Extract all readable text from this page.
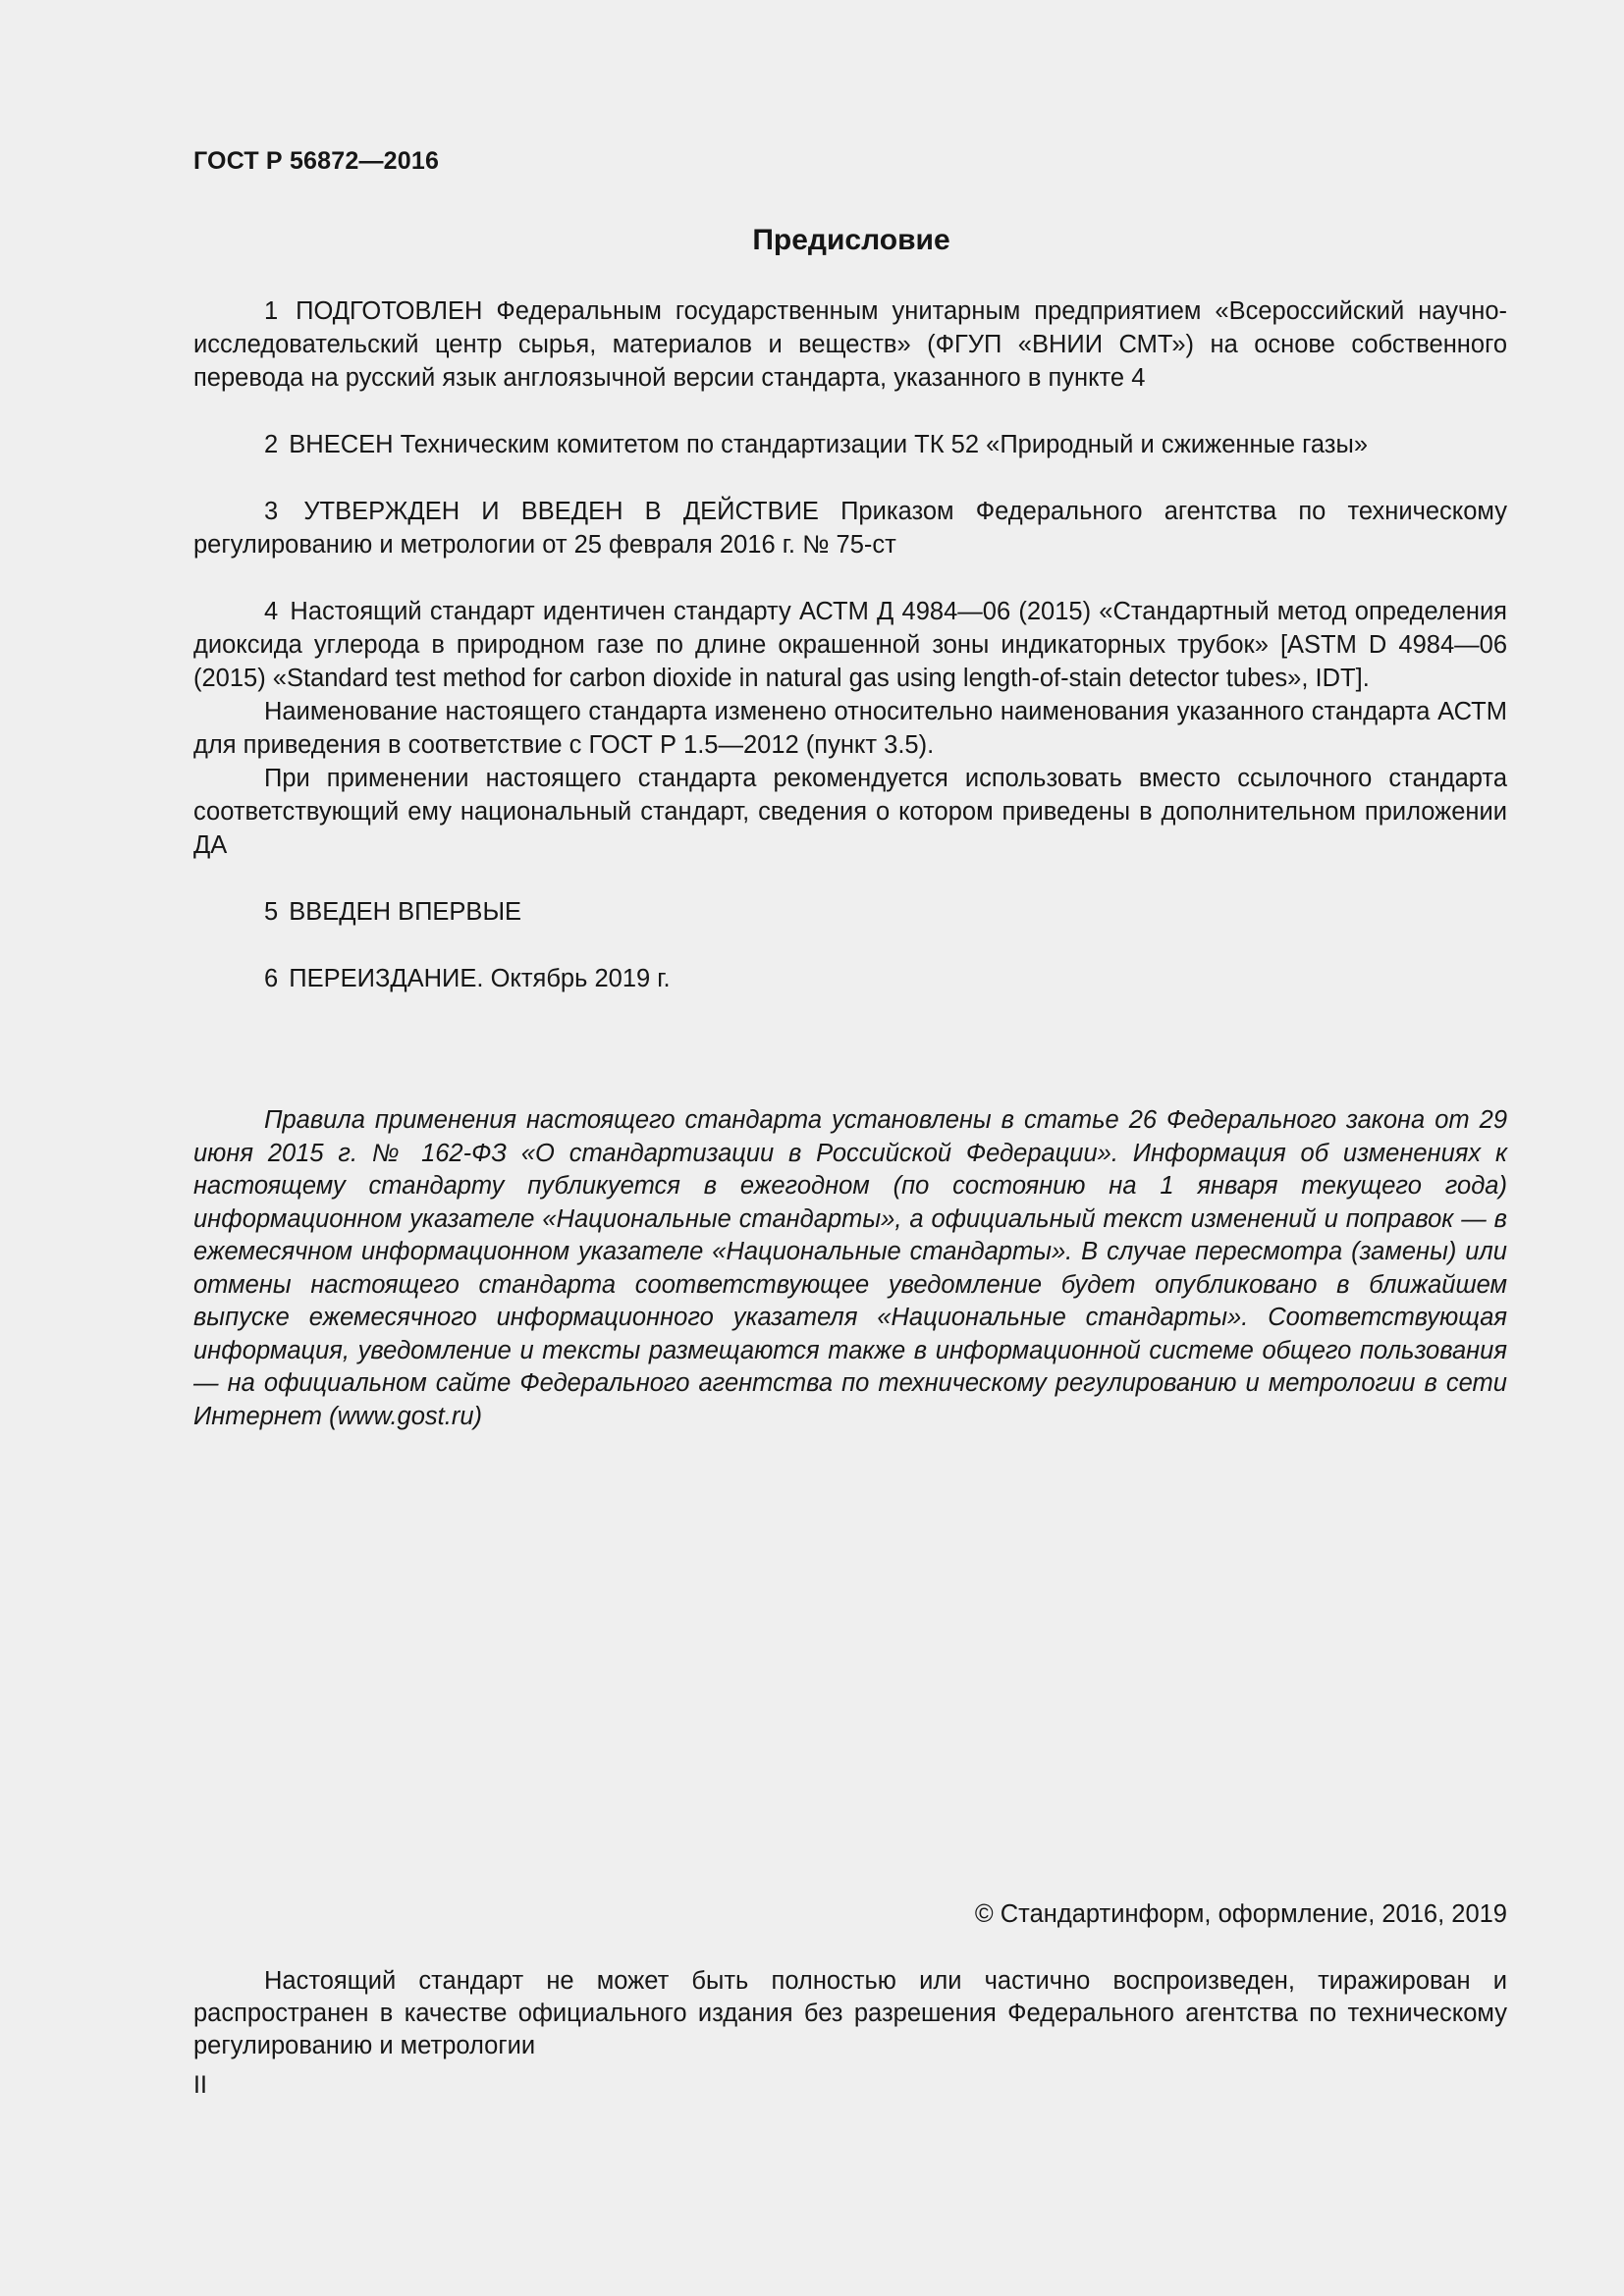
ГОСТ Р 56872—2016
Предисловие

1 ПОДГОТОВЛЕН Федеральным государственным унитарным предприятием «Всероссийский научно-исследовательский центр сырья, материалов и веществ» (ФГУП «ВНИИ СМТ») на основе собственного перевода на русский язык англоязычной версии стандарта, указанного в пункте 4

2 ВНЕСЕН Техническим комитетом по стандартизации ТК 52 «Природный и сжиженные газы»

3 УТВЕРЖДЕН И ВВЕДЕН В ДЕЙСТВИЕ Приказом Федерального агентства по техническому регулированию и метрологии от 25 февраля 2016 г. № 75-ст

4 Настоящий стандарт идентичен стандарту АСТМ Д 4984—06 (2015) «Стандартный метод определения диоксида углерода в природном газе по длине окрашенной зоны индикаторных трубок» [ASTM D 4984—06 (2015) «Standard test method for carbon dioxide in natural gas using length-of-stain detector tubes», IDT].

Наименование настоящего стандарта изменено относительно наименования указанного стандарта АСТМ для приведения в соответствие с ГОСТ Р 1.5—2012 (пункт 3.5).

При применении настоящего стандарта рекомендуется использовать вместо ссылочного стандарта соответствующий ему национальный стандарт, сведения о котором приведены в дополнительном приложении ДА

5 ВВЕДЕН ВПЕРВЫЕ

6 ПЕРЕИЗДАНИЕ. Октябрь 2019 г.

Правила применения настоящего стандарта установлены в статье 26 Федерального закона от 29 июня 2015 г. № 162-ФЗ «О стандартизации в Российской Федерации». Информация об изменениях к настоящему стандарту публикуется в ежегодном (по состоянию на 1 января текущего года) информационном указателе «Национальные стандарты», а официальный текст изменений и поправок — в ежемесячном информационном указателе «Национальные стандарты». В случае пересмотра (замены) или отмены настоящего стандарта соответствующее уведомление будет опубликовано в ближайшем выпуске ежемесячного информационного указателя «Национальные стандарты». Соответствующая информация, уведомление и тексты размещаются также в информационной системе общего пользования — на официальном сайте Федерального агентства по техническому регулированию и метрологии в сети Интернет (www.gost.ru)

© Стандартинформ, оформление, 2016, 2019

Настоящий стандарт не может быть полностью или частично воспроизведен, тиражирован и распространен в качестве официального издания без разрешения Федерального агентства по техническому регулированию и метрологии

II
